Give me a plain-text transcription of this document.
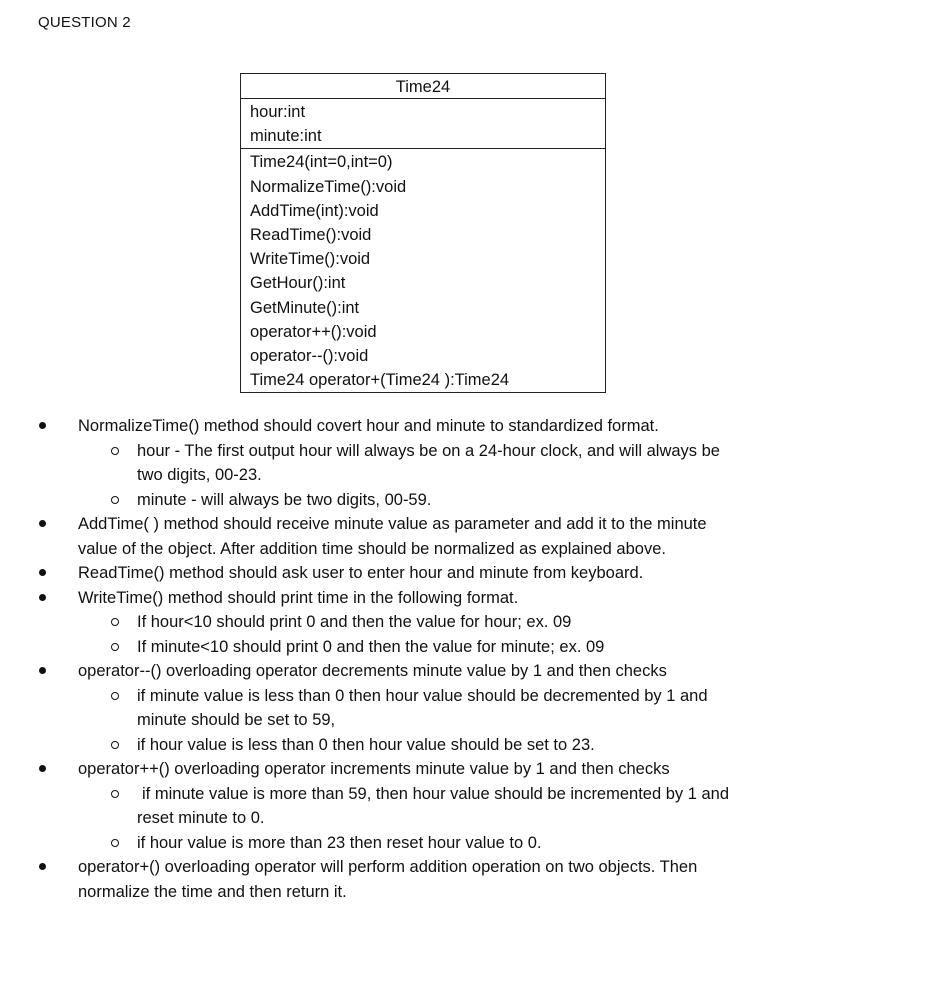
QUESTION 2
Time24
hour:int
minute:int
Time24(int=0,int=0)
NormalizeTime():void
AddTime(int):void
ReadTime():void
WriteTime():void
GetHour():int
GetMinute():int
operator++():void
operator--():void
Time24 operator+(Time24 ):Time24
NormalizeTime() method should covert hour and minute to standardized format.
hour - The first output hour will always be on a 24-hour clock, and will always be
two digits, 00-23.
minute - will always be two digits, 00-59.
AddTime( ) method should receive minute value as parameter and add it to the minute
value of the object. After addition time should be normalized as explained above.
ReadTime() method should ask user to enter hour and minute from keyboard.
WriteTime() method should print time in the following format.
If hour<10 should print 0 and then the value for hour; ex. 09
If minute<10 should print 0 and then the value for minute; ex. 09
operator--() overloading operator decrements minute value by 1 and then checks
if minute value is less than 0 then hour value should be decremented by 1 and
minute should be set to 59,
if hour value is less than 0 then hour value should be set to 23.
operator++() overloading operator increments minute value by 1 and then checks
if minute value is more than 59, then hour value should be incremented by 1 and
reset minute to 0.
if hour value is more than 23 then reset hour value to 0.
operator+() overloading operator will perform addition operation on two objects. Then
normalize the time and then return it.
